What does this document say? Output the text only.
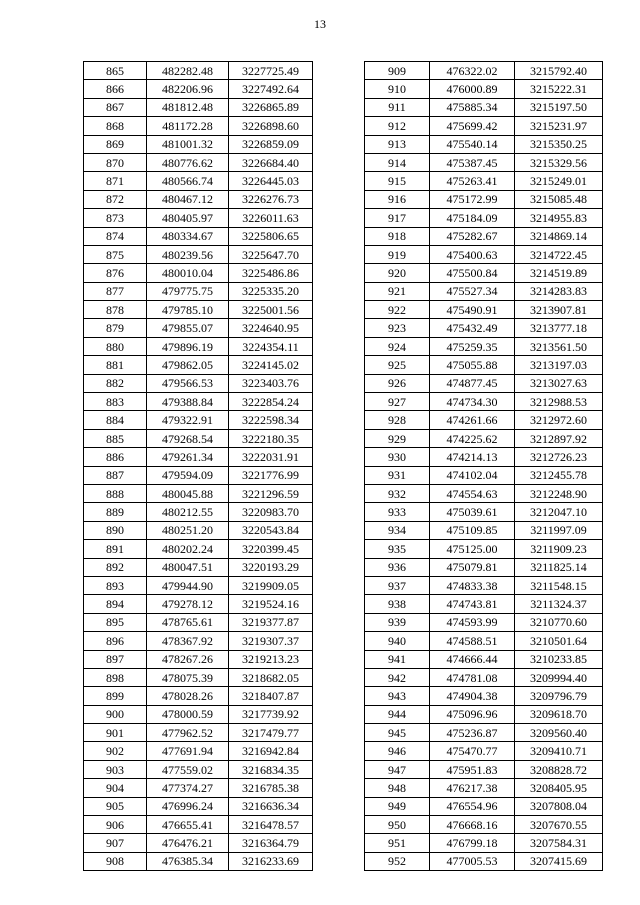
13
865	482282.48	3227725.49
866	482206.96	3227492.64
867	481812.48	3226865.89
868	481172.28	3226898.60
869	481001.32	3226859.09
870	480776.62	3226684.40
871	480566.74	3226445.03
872	480467.12	3226276.73
873	480405.97	3226011.63
874	480334.67	3225806.65
875	480239.56	3225647.70
876	480010.04	3225486.86
877	479775.75	3225335.20
878	479785.10	3225001.56
879	479855.07	3224640.95
880	479896.19	3224354.11
881	479862.05	3224145.02
882	479566.53	3223403.76
883	479388.84	3222854.24
884	479322.91	3222598.34
885	479268.54	3222180.35
886	479261.34	3222031.91
887	479594.09	3221776.99
888	480045.88	3221296.59
889	480212.55	3220983.70
890	480251.20	3220543.84
891	480202.24	3220399.45
892	480047.51	3220193.29
893	479944.90	3219909.05
894	479278.12	3219524.16
895	478765.61	3219377.87
896	478367.92	3219307.37
897	478267.26	3219213.23
898	478075.39	3218682.05
899	478028.26	3218407.87
900	478000.59	3217739.92
901	477962.52	3217479.77
902	477691.94	3216942.84
903	477559.02	3216834.35
904	477374.27	3216785.38
905	476996.24	3216636.34
906	476655.41	3216478.57
907	476476.21	3216364.79
908	476385.34	3216233.69
909	476322.02	3215792.40
910	476000.89	3215222.31
911	475885.34	3215197.50
912	475699.42	3215231.97
913	475540.14	3215350.25
914	475387.45	3215329.56
915	475263.41	3215249.01
916	475172.99	3215085.48
917	475184.09	3214955.83
918	475282.67	3214869.14
919	475400.63	3214722.45
920	475500.84	3214519.89
921	475527.34	3214283.83
922	475490.91	3213907.81
923	475432.49	3213777.18
924	475259.35	3213561.50
925	475055.88	3213197.03
926	474877.45	3213027.63
927	474734.30	3212988.53
928	474261.66	3212972.60
929	474225.62	3212897.92
930	474214.13	3212726.23
931	474102.04	3212455.78
932	474554.63	3212248.90
933	475039.61	3212047.10
934	475109.85	3211997.09
935	475125.00	3211909.23
936	475079.81	3211825.14
937	474833.38	3211548.15
938	474743.81	3211324.37
939	474593.99	3210770.60
940	474588.51	3210501.64
941	474666.44	3210233.85
942	474781.08	3209994.40
943	474904.38	3209796.79
944	475096.96	3209618.70
945	475236.87	3209560.40
946	475470.77	3209410.71
947	475951.83	3208828.72
948	476217.38	3208405.95
949	476554.96	3207808.04
950	476668.16	3207670.55
951	476799.18	3207584.31
952	477005.53	3207415.69
